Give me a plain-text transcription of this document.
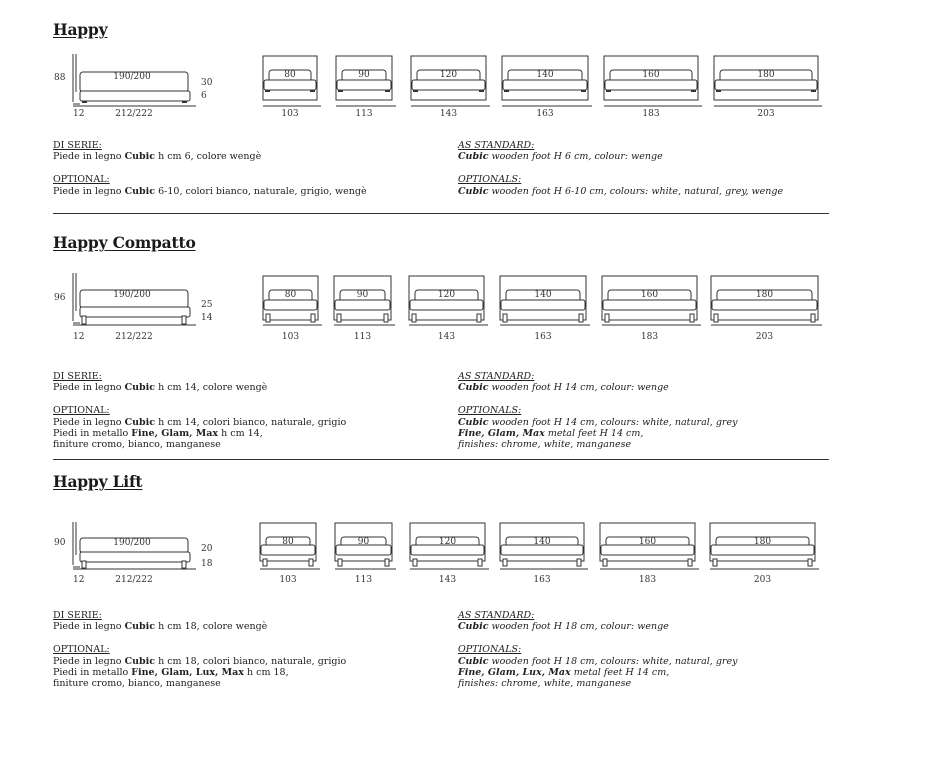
Happy
88	190/200
30
6
12	212/222
80
103
90
113
120
143
140
163
160
183
180
203
DI SERIE:
Piede in legno Cubic h cm 6, colore wengè
OPTIONAL:
Piede in legno Cubic 6-10, colori bianco, naturale, grigio, wengè
AS STANDARD:
Cubic wooden foot H 6 cm, colour: wenge
OPTIONALS:
Cubic wooden foot H 6-10 cm, colours: white, natural, grey, wenge
Happy Compatto
96	190/200
25
14
12	212/222
80
103
90
113
120
143
140
163
160
183
180
203
DI SERIE:
Piede in legno Cubic h cm 14, colore wengè
OPTIONAL:
Piede in legno Cubic h cm 14, colori bianco, naturale, grigio
Piedi in metallo Fine, Glam, Max h cm 14,
finiture cromo, bianco, manganese
AS STANDARD:
Cubic wooden foot H 14 cm, colour: wenge
OPTIONALS:
Cubic wooden foot H 14 cm, colours: white, natural, grey
Fine, Glam, Max metal feet H 14 cm,
finishes: chrome, white, manganese
Happy Lift
90	190/200
20
18
12	212/222
80
103
90
113
120
143
140
163
160
183
180
203
DI SERIE:
Piede in legno Cubic h cm 18, colore wengè
OPTIONAL:
Piede in legno Cubic h cm 18, colori bianco, naturale, grigio
Piedi in metallo Fine, Glam, Lux, Max h cm 18,
finiture cromo, bianco, manganese
AS STANDARD:
Cubic wooden foot H 18 cm, colour: wenge
OPTIONALS:
Cubic wooden foot H 18 cm, colours: white, natural, grey
Fine, Glam, Lux, Max metal feet H 14 cm,
finishes: chrome, white, manganese
